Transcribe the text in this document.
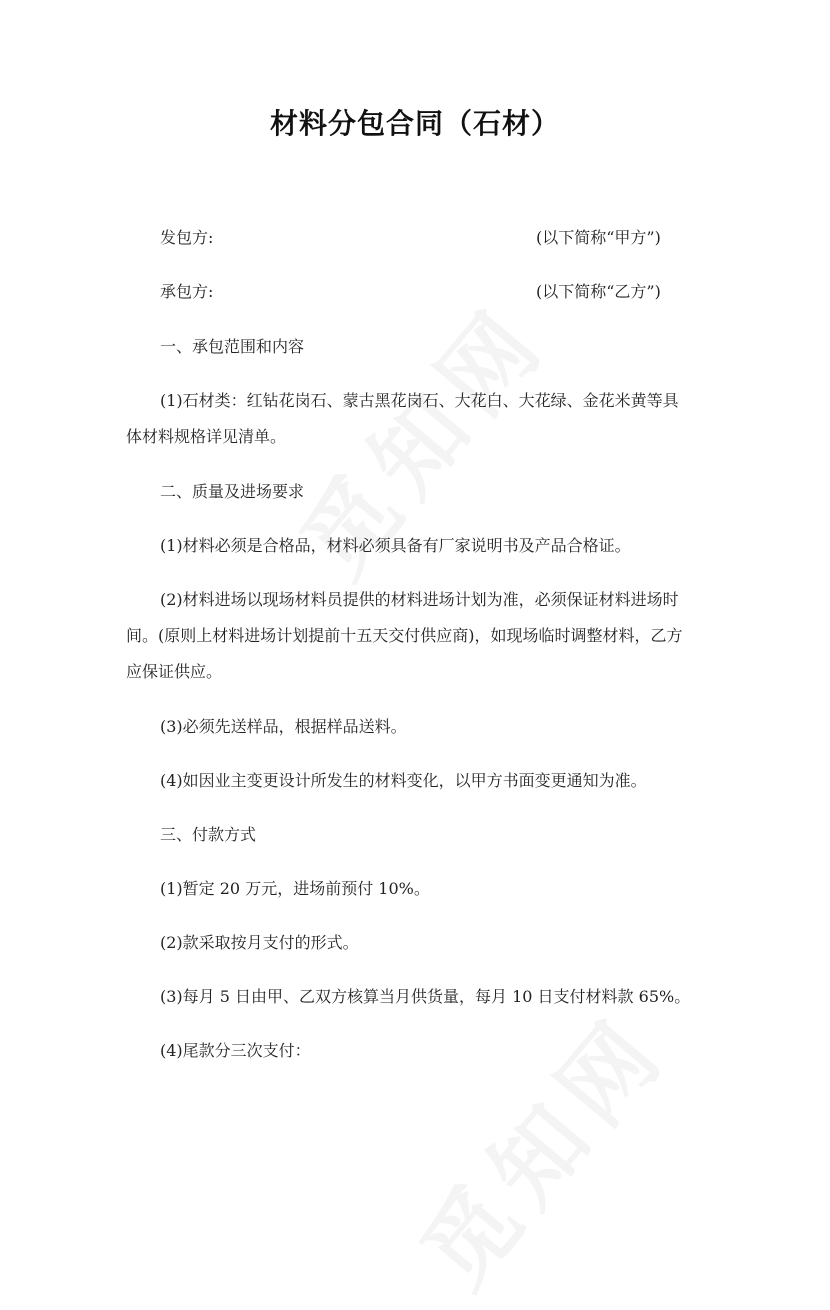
材料分包合同（石材）
发包方:	(以下简称“甲方”)
承包方:	(以下简称“乙方”)
一、承包范围和内容
(1)石材类：红钻花岗石、蒙古黑花岗石、大花白、大花绿、金花米黄等具
体材料规格详见清单。
二、质量及进场要求
(1)材料必须是合格品，材料必须具备有厂家说明书及产品合格证。
(2)材料进场以现场材料员提供的材料进场计划为准，必须保证材料进场时
间。(原则上材料进场计划提前十五天交付供应商)，如现场临时调整材料，乙方
应保证供应。
(3)必须先送样品，根据样品送料。
(4)如因业主变更设计所发生的材料变化，以甲方书面变更通知为准。
三、付款方式
(1)暂定 20 万元，进场前预付 10%。
(2)款采取按月支付的形式。
(3)每月 5 日由甲、乙双方核算当月供货量，每月 10 日支付材料款 65%。
(4)尾款分三次支付：
